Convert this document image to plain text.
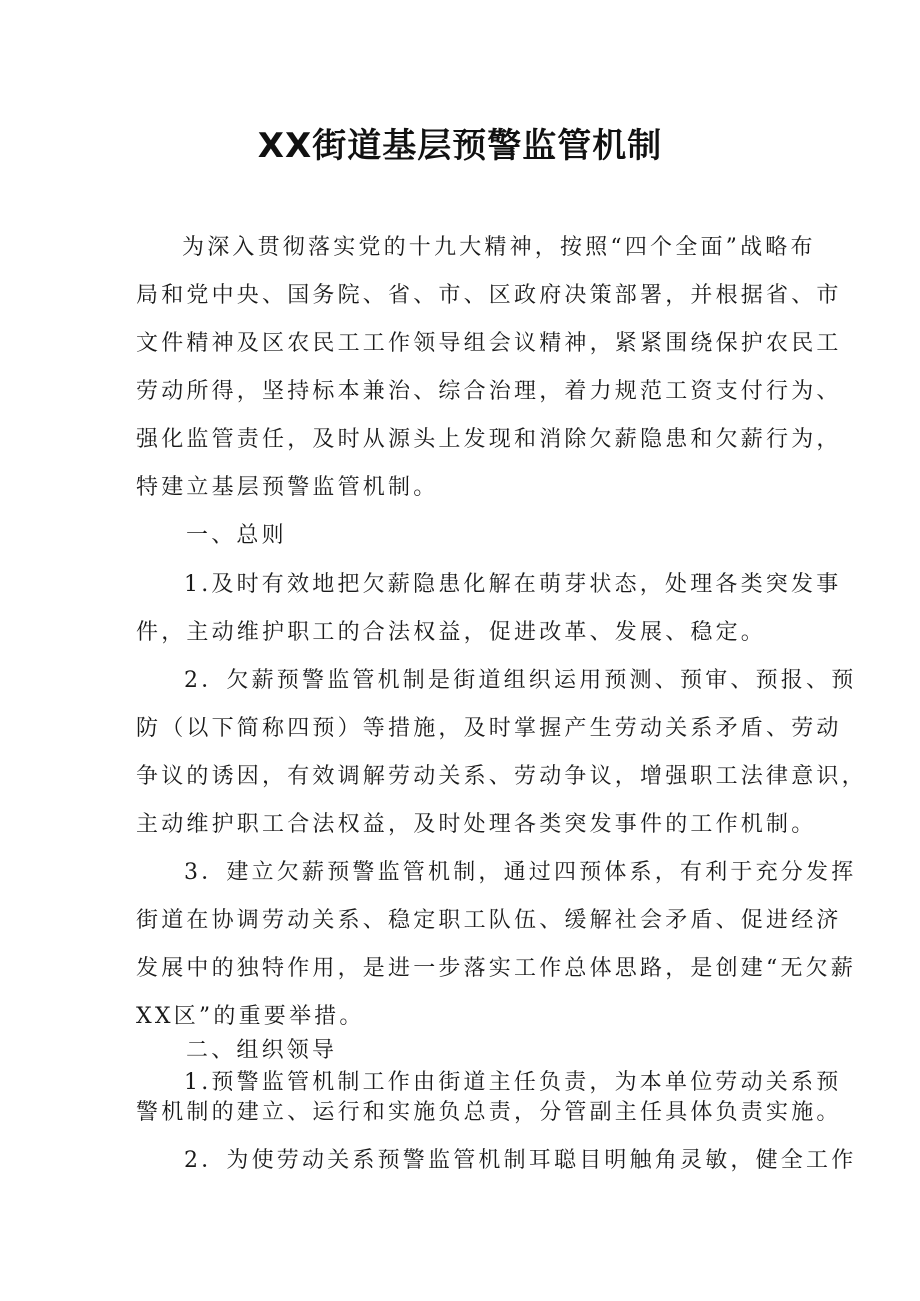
XX街道基层预警监管机制
为深入贯彻落实党的十九大精神，按照“四个全面”战略布
局和党中央、国务院、省、市、区政府决策部署，并根据省、市
文件精神及区农民工工作领导组会议精神，紧紧围绕保护农民工
劳动所得，坚持标本兼治、综合治理，着力规范工资支付行为、
强化监管责任，及时从源头上发现和消除欠薪隐患和欠薪行为，
特建立基层预警监管机制。
一、总则
1.及时有效地把欠薪隐患化解在萌芽状态，处理各类突发事
件，主动维护职工的合法权益，促进改革、发展、稳定。
2．欠薪预警监管机制是街道组织运用预测、预审、预报、预
防（以下简称四预）等措施，及时掌握产生劳动关系矛盾、劳动
争议的诱因，有效调解劳动关系、劳动争议，增强职工法律意识，
主动维护职工合法权益，及时处理各类突发事件的工作机制。
3．建立欠薪预警监管机制，通过四预体系，有利于充分发挥
街道在协调劳动关系、稳定职工队伍、缓解社会矛盾、促进经济
发展中的独特作用，是进一步落实工作总体思路，是创建“无欠薪
XX区”的重要举措。
二、组织领导
1.预警监管机制工作由街道主任负责，为本单位劳动关系预
警机制的建立、运行和实施负总责，分管副主任具体负责实施。
2．为使劳动关系预警监管机制耳聪目明触角灵敏，健全工作
